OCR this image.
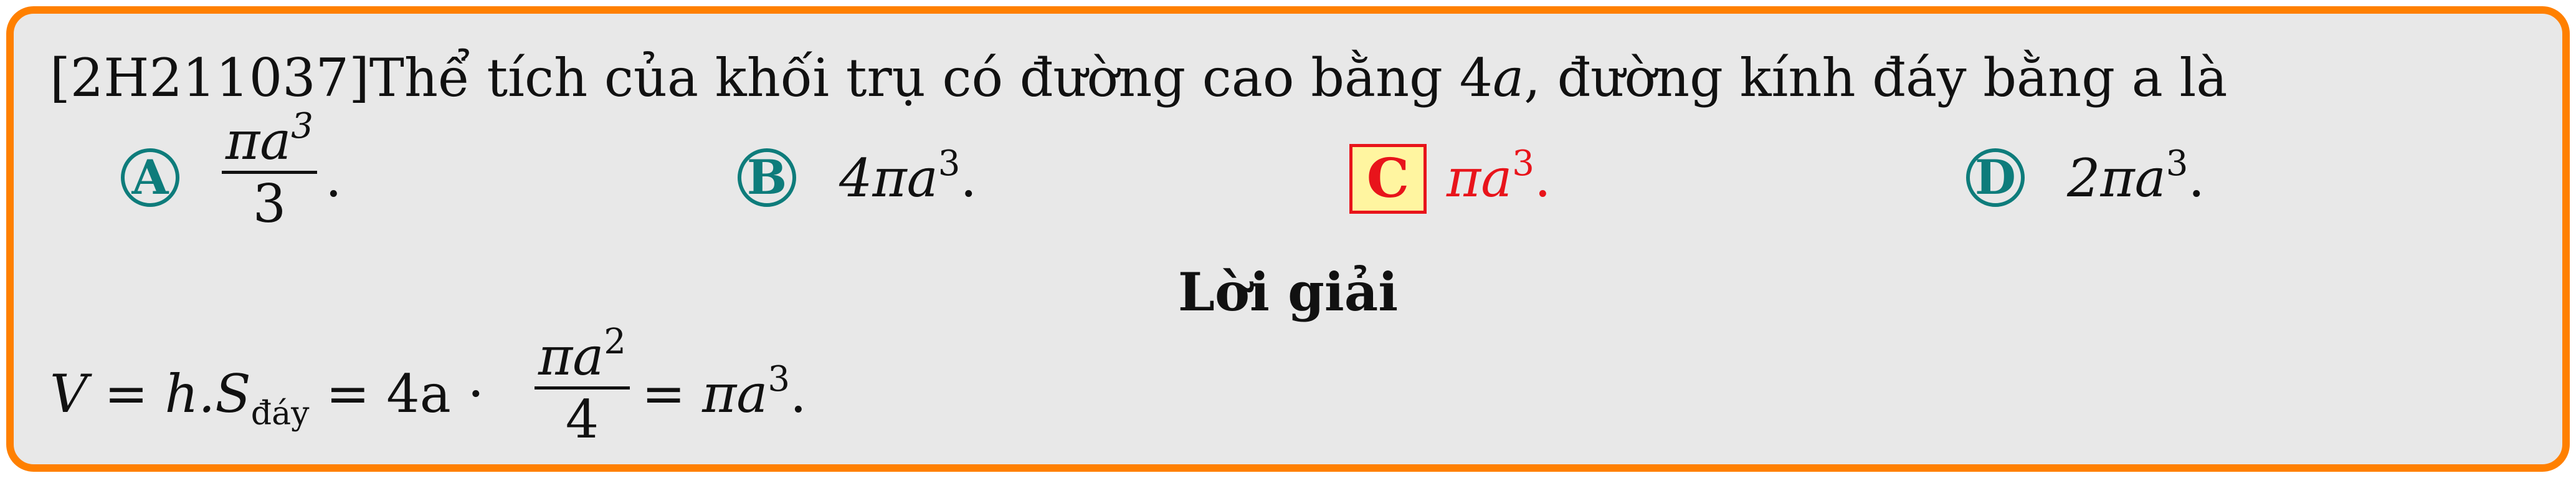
[2H211037]Thể tích của khối trụ có đường cao bằng 4a, đường kính đáy bằng a là
A
$\pi a^3$
3 .	B $4\pi a^3$.	C $\pi a^3$.	D $2\pi a^3$.
Lời giải
$V = h.S_{đáy} = 4a$ ·
$\pi a^2$
$4 = \pi a^3$.
